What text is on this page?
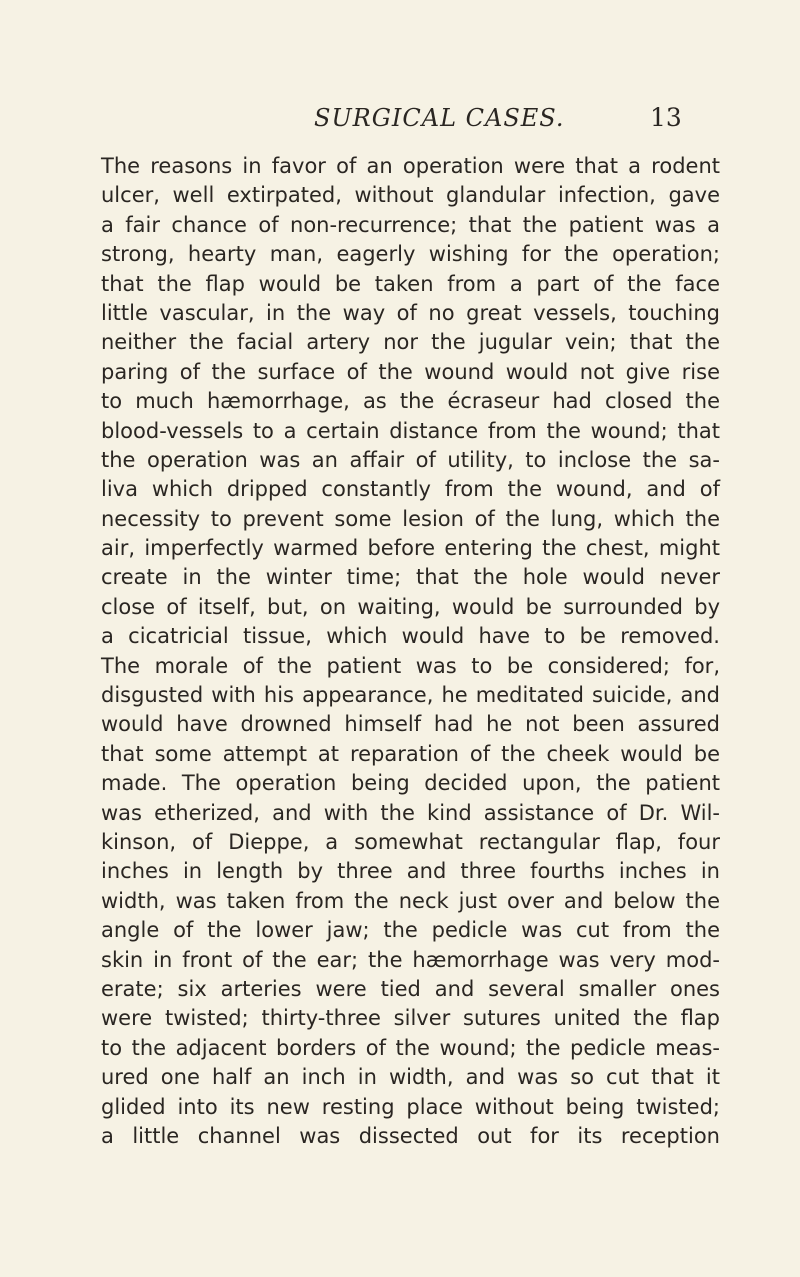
SURGICAL CASES.	13
The reasons in favor of an operation were that a rodent
ulcer, well extirpated, without glandular infection, gave
a fair chance of non-recurrence; that the patient was a
strong, hearty man, eagerly wishing for the operation;
that the flap would be taken from a part of the face
little vascular, in the way of no great vessels, touching
neither the facial artery nor the jugular vein; that the
paring of the surface of the wound would not give rise
to much hæmorrhage, as the écraseur had closed the
blood-vessels to a certain distance from the wound; that
the operation was an affair of utility, to inclose the sa-
liva which dripped constantly from the wound, and of
necessity to prevent some lesion of the lung, which the
air, imperfectly warmed before entering the chest, might
create in the winter time; that the hole would never
close of itself, but, on waiting, would be surrounded by
a cicatricial tissue, which would have to be removed.
The morale of the patient was to be considered; for,
disgusted with his appearance, he meditated suicide, and
would have drowned himself had he not been assured
that some attempt at reparation of the cheek would be
made. The operation being decided upon, the patient
was etherized, and with the kind assistance of Dr. Wil-
kinson, of Dieppe, a somewhat rectangular flap, four
inches in length by three and three fourths inches in
width, was taken from the neck just over and below the
angle of the lower jaw; the pedicle was cut from the
skin in front of the ear; the hæmorrhage was very mod-
erate; six arteries were tied and several smaller ones
were twisted; thirty-three silver sutures united the flap
to the adjacent borders of the wound; the pedicle meas-
ured one half an inch in width, and was so cut that it
glided into its new resting place without being twisted;
a little channel was dissected out for its reception
